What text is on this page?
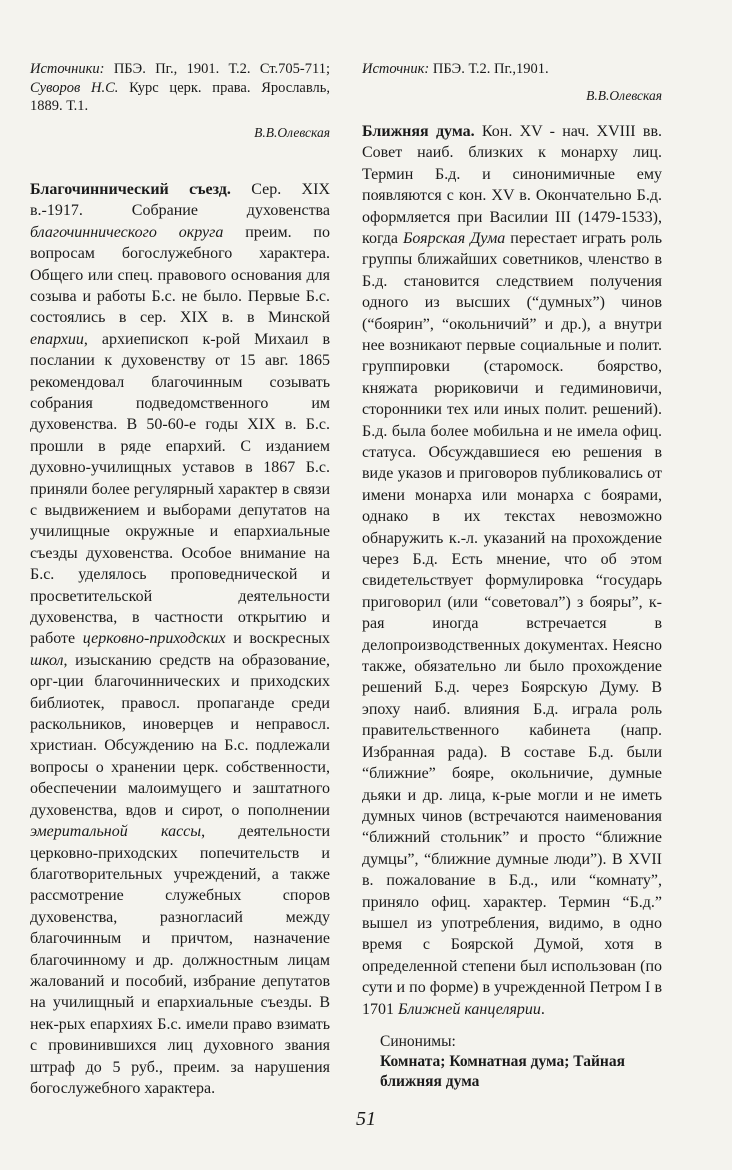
Источники: ПБЭ. Пг., 1901. Т.2. Ст.705-711; Суворов Н.С. Курс церк. права. Ярославль, 1889. Т.1.
В.В.Олевская
Благочиннический съезд. Сер. XIX в.-1917. Собрание духовенства благочиннического округа преим. по вопросам богослужебного характера. Общего или спец. правового основания для созыва и работы Б.с. не было. Первые Б.с. состоялись в сер. XIX в. в Минской епархии, архиепископ к-рой Михаил в послании к духовенству от 15 авг. 1865 рекомендовал благочинным созывать собрания подведомственного им духовенства. В 50-60-е годы XIX в. Б.с. прошли в ряде епархий. С изданием духовно-училищных уставов в 1867 Б.с. приняли более регулярный характер в связи с выдвижением и выборами депутатов на училищные окружные и епархиальные съезды духовенства. Особое внимание на Б.с. уделялось проповеднической и просветительской деятельности духовенства, в частности открытию и работе церковно-приходских и воскресных школ, изысканию средств на образование, орг-ции благочиннических и приходских библиотек, правосл. пропаганде среди раскольников, иноверцев и неправосл. христиан. Обсуждению на Б.с. подлежали вопросы о хранении церк. собственности, обеспечении малоимущего и заштатного духовенства, вдов и сирот, о пополнении эмеритальной кассы, деятельности церковно-приходских попечительств и благотворительных учреждений, а также рассмотрение служебных споров духовенства, разногласий между благочинным и причтом, назначение благочинному и др. должностным лицам жалований и пособий, избрание депутатов на училищный и епархиальные съезды. В нек-рых епархиях Б.с. имели право взимать с провинившихся лиц духовного звания штраф до 5 руб., преим. за нарушения богослужебного характера.
Источник: ПБЭ. Т.2. Пг.,1901.
В.В.Олевская
Ближняя дума. Кон. XV - нач. XVIII вв. Совет наиб. близких к монарху лиц. Термин Б.д. и синонимичные ему появляются с кон. XV в. Окончательно Б.д. оформляется при Василии III (1479-1533), когда Боярская Дума перестает играть роль группы ближайших советников, членство в Б.д. становится следствием получения одного из высших (“думных”) чинов (“боярин”, “окольничий” и др.), а внутри нее возникают первые социальные и полит. группировки (старомоск. боярство, княжата рюриковичи и гедиминовичи, сторонники тех или иных полит. решений). Б.д. была более мобильна и не имела офиц. статуса. Обсуждавшиеся ею решения в виде указов и приговоров публиковались от имени монарха или монарха с боярами, однако в их текстах невозможно обнаружить к.-л. указаний на прохождение через Б.д. Есть мнение, что об этом свидетельствует формулировка “государь приговорил (или “советовал”) з бояры”, к-рая иногда встречается в делопроизводственных документах. Неясно также, обязательно ли было прохождение решений Б.д. через Боярскую Думу. В эпоху наиб. влияния Б.д. играла роль правительственного кабинета (напр. Избранная рада). В составе Б.д. были “ближние” бояре, окольничие, думные дьяки и др. лица, к-рые могли и не иметь думных чинов (встречаются наименования “ближний стольник” и просто “ближние думцы”, “ближние думные люди”). В XVII в. пожалование в Б.д., или “комнату”, приняло офиц. характер. Термин “Б.д.” вышел из употребления, видимо, в одно время с Боярской Думой, хотя в определенной степени был использован (по сути и по форме) в учрежденной Петром I в 1701 Ближней канцелярии.
Синонимы:
Комната; Комнатная дума; Тайная ближняя дума
51
